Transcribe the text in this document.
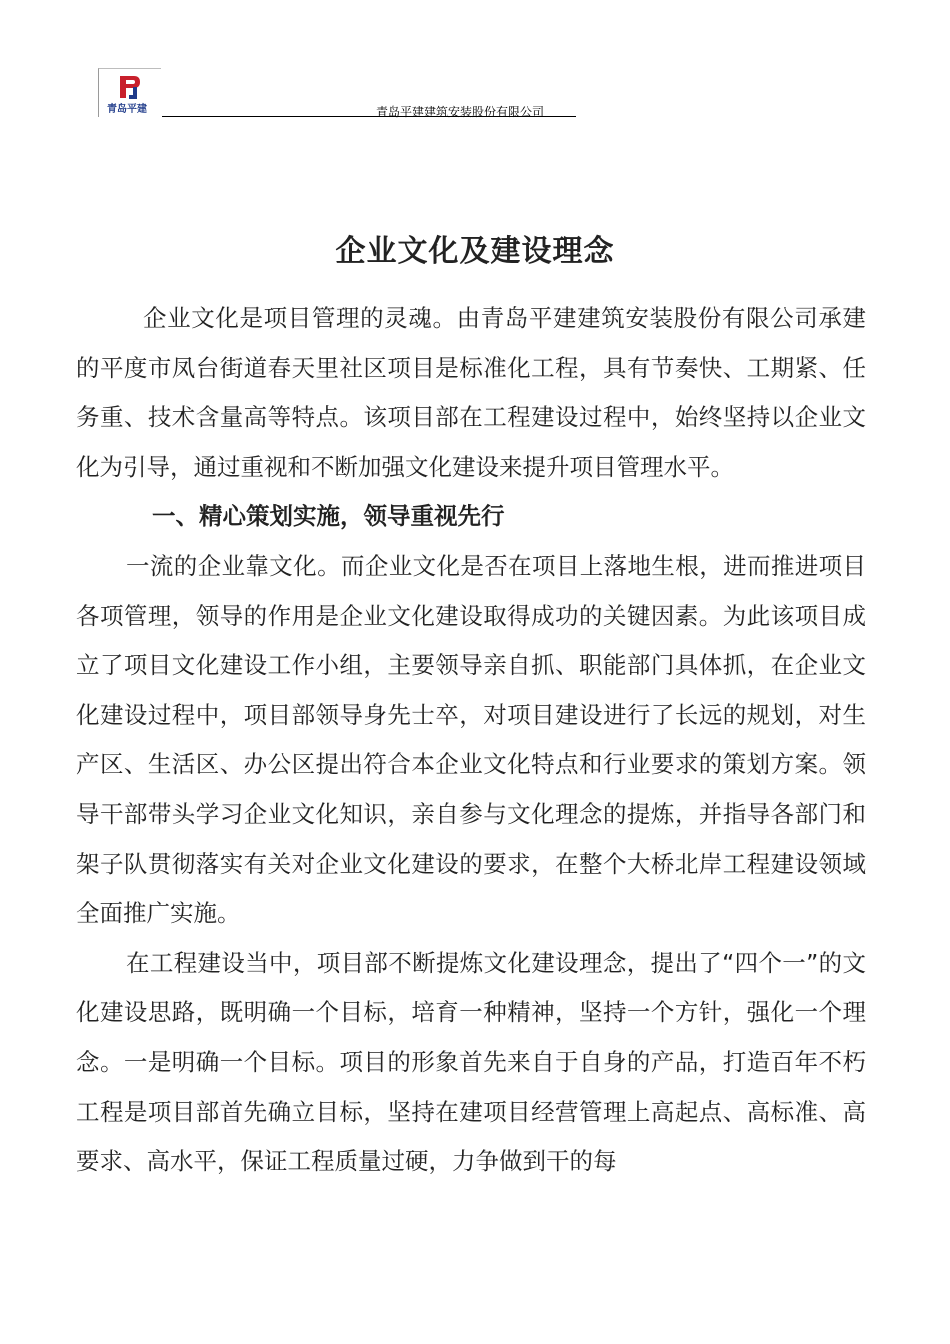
青岛平建	青岛平建建筑安装股份有限公司
企业文化及建设理念

企业文化是项目管理的灵魂。由青岛平建建筑安装股份有限公司承建的平度市凤台街道春天里社区项目是标准化工程，具有节奏快、工期紧、任务重、技术含量高等特点。该项目部在工程建设过程中，始终坚持以企业文化为引导，通过重视和不断加强文化建设来提升项目管理水平。

一、精心策划实施，领导重视先行

一流的企业靠文化。而企业文化是否在项目上落地生根，进而推进项目各项管理，领导的作用是企业文化建设取得成功的关键因素。为此该项目成立了项目文化建设工作小组，主要领导亲自抓、职能部门具体抓，在企业文化建设过程中，项目部领导身先士卒，对项目建设进行了长远的规划，对生产区、生活区、办公区提出符合本企业文化特点和行业要求的策划方案。领导干部带头学习企业文化知识，亲自参与文化理念的提炼，并指导各部门和架子队贯彻落实有关对企业文化建设的要求，在整个大桥北岸工程建设领域全面推广实施。

在工程建设当中，项目部不断提炼文化建设理念，提出了“四个一”的文化建设思路，既明确一个目标，培育一种精神，坚持一个方针，强化一个理念。一是明确一个目标。项目的形象首先来自于自身的产品，打造百年不朽工程是项目部首先确立目标，坚持在建项目经营管理上高起点、高标准、高要求、高水平，保证工程质量过硬，力争做到干的每
